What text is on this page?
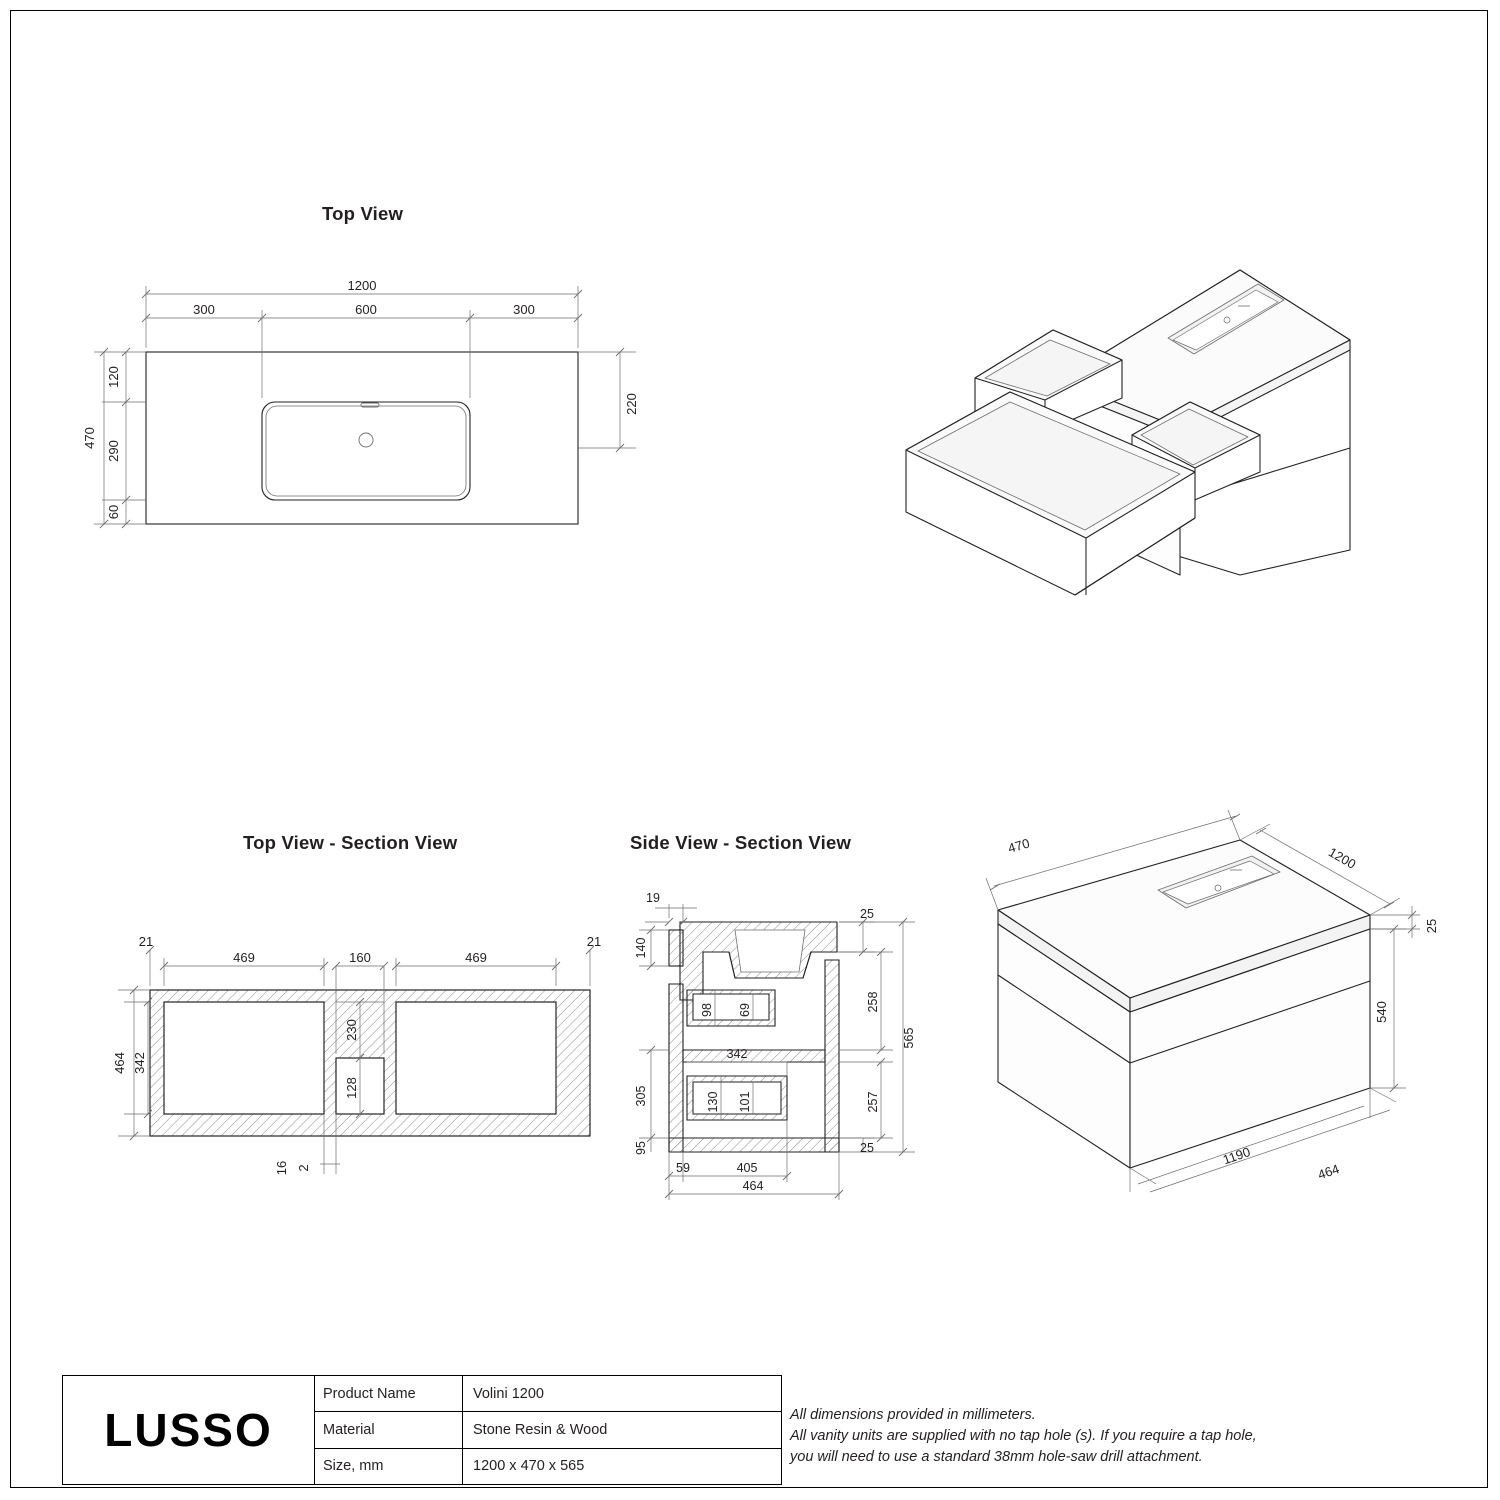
Top View
Top View - Section View	Side View - Section View
1200
300	600	300
220
470
120
290
60
21	21
469	160	469
464 342
230
128
16 2
19
25
140
98 69	258
565
305
342
130 101	257
95	25
59	405
464
470	1200
25
540
1190
464
LUSSO
Product Name	Volini 1200
Material	Stone Resin & Wood
Size, mm	1200 x 470 x 565
All dimensions provided in millimeters.
All vanity units are supplied with no tap hole (s). If you require a tap hole,
you will need to use a standard 38mm hole-saw drill attachment.
